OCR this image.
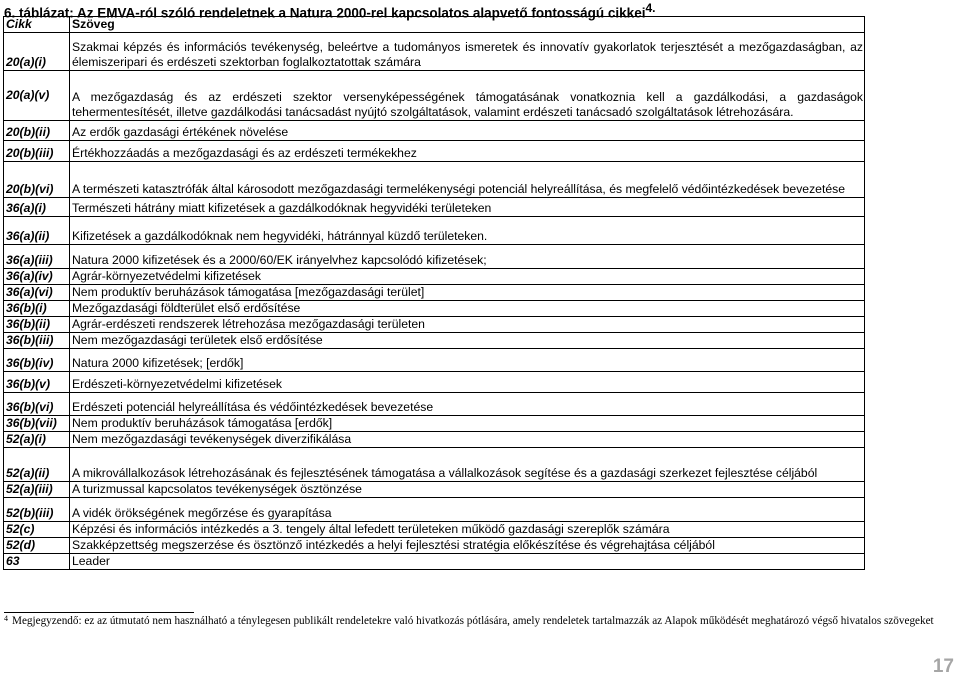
6. táblázat: Az EMVA-ról szóló rendeletnek a Natura 2000-rel kapcsolatos alapvető fontosságú cikkei$^{4.}$
Cikk	Szöveg
20(a)(i)	Szakmai képzés és információs tevékenység, beleértve a tudományos ismeretek és innovatív gyakorlatok terjesztését a mezőgazdaságban, az élemiszeripari és erdészeti szektorban foglalkoztatottak számára
20(a)(v)	A mezőgazdaság és az erdészeti szektor versenyképességének támogatásának vonatkoznia kell a gazdálkodási, a gazdaságok tehermentesítését, illetve gazdálkodási tanácsadást nyújtó szolgáltatások, valamint erdészeti tanácsadó szolgáltatások létrehozására.
20(b)(ii)	Az erdők gazdasági értékének növelése
20(b)(iii)	Értékhozzáadás a mezőgazdasági és az erdészeti termékekhez
20(b)(vi)	A természeti katasztrófák által károsodott mezőgazdasági termelékenységi potenciál helyreállítása, és megfelelő védőintézkedések bevezetése
36(a)(i)	Természeti hátrány miatt kifizetések a gazdálkodóknak hegyvidéki területeken
36(a)(ii)	Kifizetések a gazdálkodóknak nem hegyvidéki, hátránnyal küzdő területeken.
36(a)(iii)	Natura 2000 kifizetések és a 2000/60/EK irányelvhez kapcsolódó kifizetések;
36(a)(iv)	Agrár-környezetvédelmi kifizetések
36(a)(vi)	Nem produktív beruházások támogatása [mezőgazdasági terület]
36(b)(i)	Mezőgazdasági földterület első erdősítése
36(b)(ii)	Agrár-erdészeti rendszerek létrehozása mezőgazdasági területen
36(b)(iii)	Nem mezőgazdasági területek első erdősítése
36(b)(iv)	Natura 2000 kifizetések; [erdők]
36(b)(v)	Erdészeti-környezetvédelmi kifizetések
36(b)(vi)	Erdészeti potenciál helyreállítása és védőintézkedések bevezetése
36(b)(vii)	Nem produktív beruházások támogatása [erdők]
52(a)(i)	Nem mezőgazdasági tevékenységek diverzifikálása
52(a)(ii)	A mikrovállalkozások létrehozásának és fejlesztésének támogatása a vállalkozások segítése és a gazdasági szerkezet fejlesztése céljából
52(a)(iii)	A turizmussal kapcsolatos tevékenységek ösztönzése
52(b)(iii)	A vidék örökségének megőrzése és gyarapítása
52(c)	Képzési és információs intézkedés a 3. tengely által lefedett területeken működő gazdasági szereplők számára
52(d)	Szakképzettség megszerzése és ösztönző intézkedés a helyi fejlesztési stratégia előkészítése és végrehajtása céljából
63	Leader
$^4$ Megjegyzendő: ez az útmutató nem használható a ténylegesen publikált rendeletekre való hivatkozás pótlására, amely rendeletek tartalmazzák az Alapok működését meghatározó végső hivatalos szövegeket
17
